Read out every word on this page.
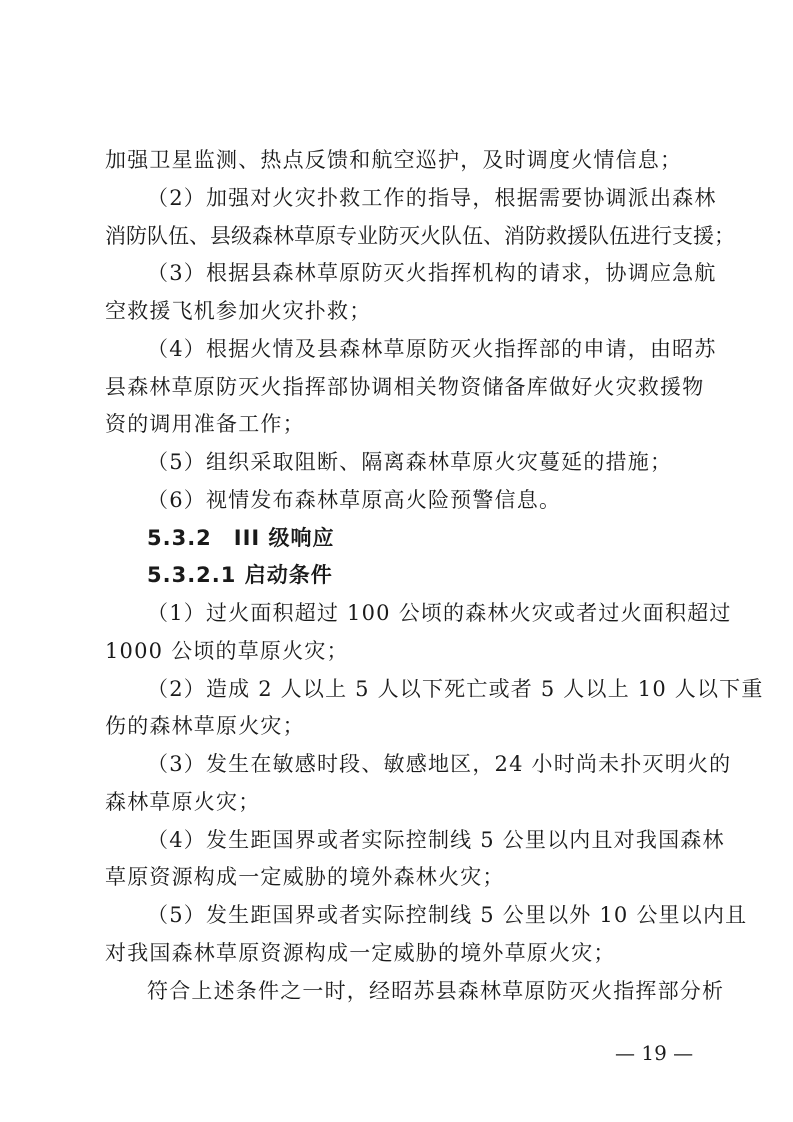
加强卫星监测、热点反馈和航空巡护，及时调度火情信息；
（2）加强对火灾扑救工作的指导，根据需要协调派出森林
消防队伍、县级森林草原专业防灭火队伍、消防救援队伍进行支援；
（3）根据县森林草原防灭火指挥机构的请求，协调应急航
空救援飞机参加火灾扑救；
（4）根据火情及县森林草原防灭火指挥部的申请，由昭苏
县森林草原防灭火指挥部协调相关物资储备库做好火灾救援物
资的调用准备工作；
（5）组织采取阻断、隔离森林草原火灾蔓延的措施；
（6）视情发布森林草原高火险预警信息。
5.3.2　III 级响应
5.3.2.1 启动条件
（1）过火面积超过 100 公顷的森林火灾或者过火面积超过
1000 公顷的草原火灾；
（2）造成 2 人以上 5 人以下死亡或者 5 人以上 10 人以下重
伤的森林草原火灾；
（3）发生在敏感时段、敏感地区，24 小时尚未扑灭明火的
森林草原火灾；
（4）发生距国界或者实际控制线 5 公里以内且对我国森林
草原资源构成一定威胁的境外森林火灾；
（5）发生距国界或者实际控制线 5 公里以外 10 公里以内且
对我国森林草原资源构成一定威胁的境外草原火灾；
符合上述条件之一时，经昭苏县森林草原防灭火指挥部分析
— 19 —
